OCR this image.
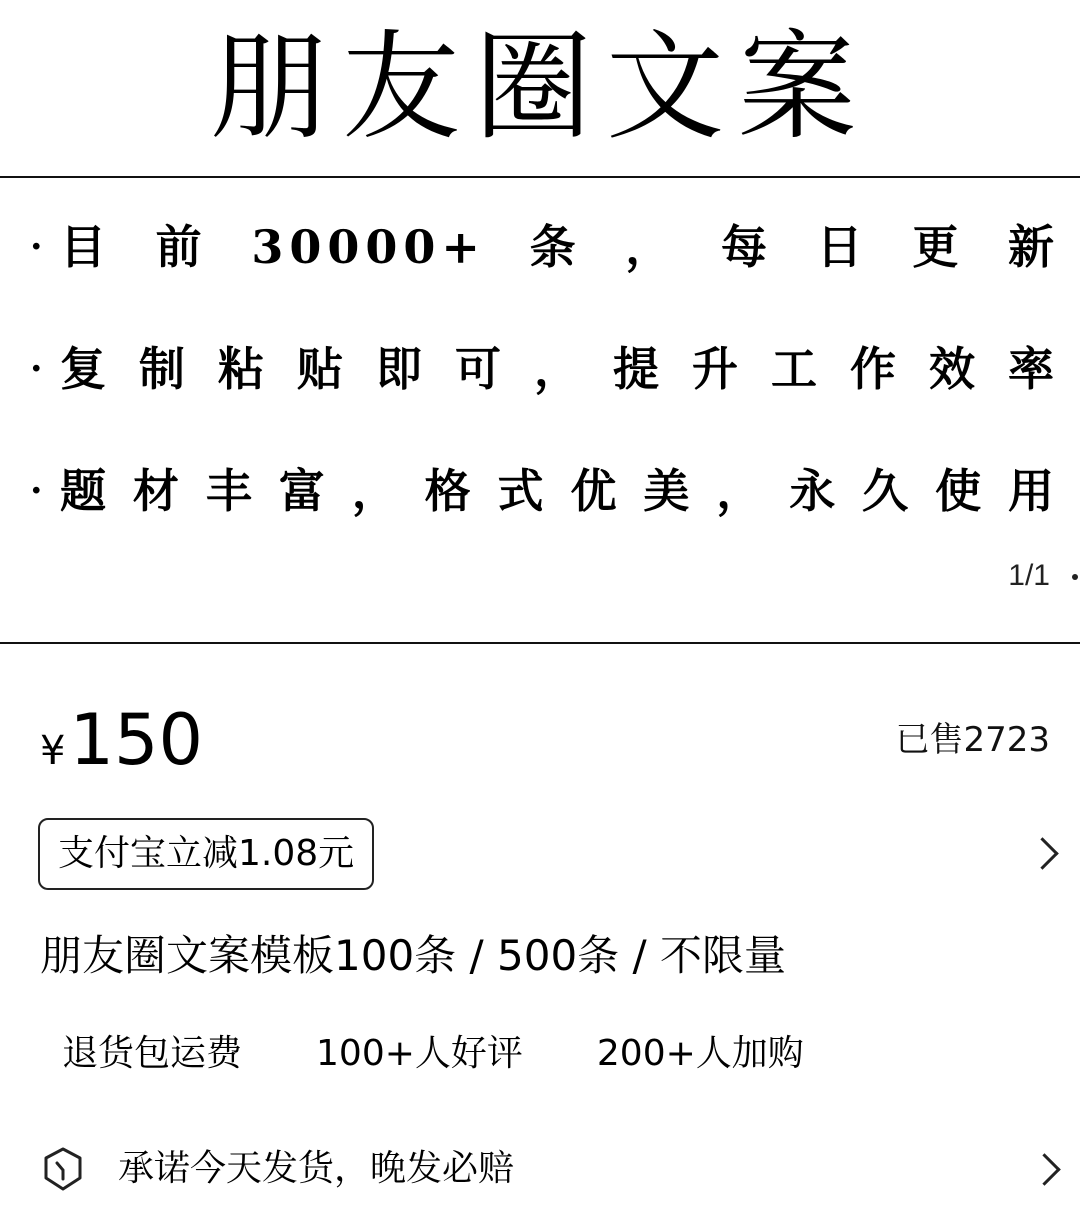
朋友圈文案
· 目前30000+条，每日更新
· 复制粘贴即可，提升工作效率
· 题材丰富，格式优美，永久使用
1/1
¥ 150	已售2723
支付宝立减1.08元
朋友圈文案模板100条 / 500条 / 不限量
退货包运费 100+人好评 200+人加购
承诺今天发货，晚发必赔
